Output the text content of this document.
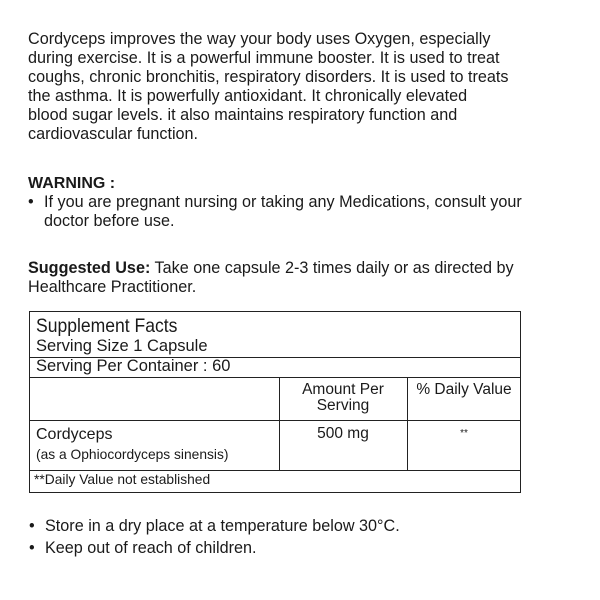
Cordyceps improves the way your body uses Oxygen, especially
during exercise. It is a powerful immune booster. It is used to treat
coughs, chronic bronchitis, respiratory disorders. It is used to treats
the asthma. It is powerfully antioxidant. It chronically elevated
blood sugar levels. it also maintains respiratory function and
cardiovascular function.
WARNING :
• If you are pregnant nursing or taking any Medications, consult your doctor before use.
Suggested Use: Take one capsule 2-3 times daily or as directed by Healthcare Practitioner.
Supplement Facts
Serving Size 1 Capsule
Serving Per Container : 60
Amount Per Serving
% Daily Value
Cordyceps
(as a Ophiocordyceps sinensis)
500 mg	**
**Daily Value not established
• Store in a dry place at a temperature below 30°C.
• Keep out of reach of children.
